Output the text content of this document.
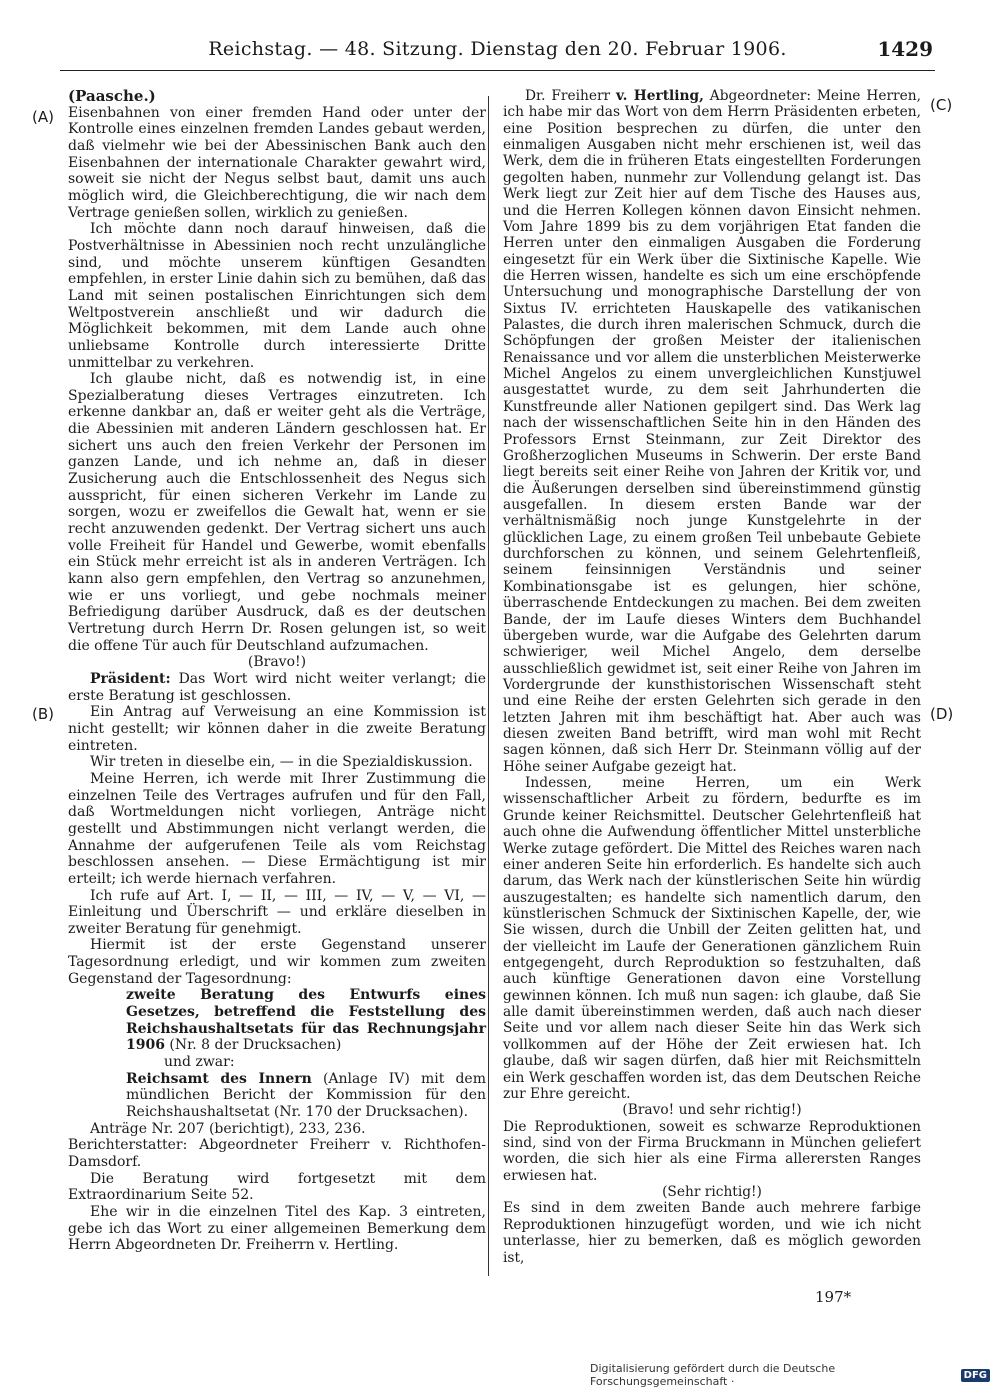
Reichstag. — 48. Sitzung. Dienstag den 20. Februar 1906.	1429
(A)
(B)
(C)
(D)

(Paasche.)

Eisenbahnen von einer fremden Hand oder unter der Kontrolle eines einzelnen fremden Landes gebaut werden, daß vielmehr wie bei der Abessinischen Bank auch den Eisenbahnen der internationale Charakter gewahrt wird, soweit sie nicht der Negus selbst baut, damit uns auch möglich wird, die Gleichberechtigung, die wir nach dem Vertrage genießen sollen, wirklich zu genießen.

Ich möchte dann noch darauf hinweisen, daß die Postverhältnisse in Abessinien noch recht unzulängliche sind, und möchte unserem künftigen Gesandten empfehlen, in erster Linie dahin sich zu bemühen, daß das Land mit seinen postalischen Einrichtungen sich dem Weltpostverein anschließt und wir dadurch die Möglichkeit bekommen, mit dem Lande auch ohne unliebsame Kontrolle durch interessierte Dritte unmittelbar zu verkehren.

Ich glaube nicht, daß es notwendig ist, in eine Spezialberatung dieses Vertrages einzutreten. Ich erkenne dankbar an, daß er weiter geht als die Verträge, die Abessinien mit anderen Ländern geschlossen hat. Er sichert uns auch den freien Verkehr der Personen im ganzen Lande, und ich nehme an, daß in dieser Zusicherung auch die Entschlossenheit des Negus sich ausspricht, für einen sicheren Verkehr im Lande zu sorgen, wozu er zweifellos die Gewalt hat, wenn er sie recht anzuwenden gedenkt. Der Vertrag sichert uns auch volle Freiheit für Handel und Gewerbe, womit ebenfalls ein Stück mehr erreicht ist als in anderen Verträgen. Ich kann also gern empfehlen, den Vertrag so anzunehmen, wie er uns vorliegt, und gebe nochmals meiner Befriedigung darüber Ausdruck, daß es der deutschen Vertretung durch Herrn Dr. Rosen gelungen ist, so weit die offene Tür auch für Deutschland aufzumachen.

(Bravo!)

Präsident: Das Wort wird nicht weiter verlangt; die erste Beratung ist geschlossen.

Ein Antrag auf Verweisung an eine Kommission ist nicht gestellt; wir können daher in die zweite Beratung eintreten.

Wir treten in dieselbe ein, — in die Spezialdiskussion.

Meine Herren, ich werde mit Ihrer Zustimmung die einzelnen Teile des Vertrages aufrufen und für den Fall, daß Wortmeldungen nicht vorliegen, Anträge nicht gestellt und Abstimmungen nicht verlangt werden, die Annahme der aufgerufenen Teile als vom Reichstag beschlossen ansehen. — Diese Ermächtigung ist mir erteilt; ich werde hiernach verfahren.

Ich rufe auf Art. I, — II, — III, — IV, — V, — VI, — Einleitung und Überschrift — und erkläre dieselben in zweiter Beratung für genehmigt.

Hiermit ist der erste Gegenstand unserer Tagesordnung erledigt, und wir kommen zum zweiten Gegenstand der Tagesordnung:

zweite Beratung des Entwurfs eines Gesetzes, betreffend die Feststellung des Reichshaushaltsetats für das Rechnungsjahr 1906 (Nr. 8 der Drucksachen)

und zwar:

Reichsamt des Innern (Anlage IV) mit dem mündlichen Bericht der Kommission für den Reichshaushaltsetat (Nr. 170 der Drucksachen).

Anträge Nr. 207 (berichtigt), 233, 236.

Berichterstatter: Abgeordneter Freiherr v. Richthofen-Damsdorf.

Die Beratung wird fortgesetzt mit dem Extraordinarium Seite 52.

Ehe wir in die einzelnen Titel des Kap. 3 eintreten, gebe ich das Wort zu einer allgemeinen Bemerkung dem Herrn Abgeordneten Dr. Freiherrn v. Hertling.

Dr. Freiherr v. Hertling, Abgeordneter: Meine Herren, ich habe mir das Wort von dem Herrn Präsidenten erbeten, eine Position besprechen zu dürfen, die unter den einmaligen Ausgaben nicht mehr erschienen ist, weil das Werk, dem die in früheren Etats eingestellten Forderungen gegolten haben, nunmehr zur Vollendung gelangt ist. Das Werk liegt zur Zeit hier auf dem Tische des Hauses aus, und die Herren Kollegen können davon Einsicht nehmen. Vom Jahre 1899 bis zu dem vorjährigen Etat fanden die Herren unter den einmaligen Ausgaben die Forderung eingesetzt für ein Werk über die Sixtinische Kapelle. Wie die Herren wissen, handelte es sich um eine erschöpfende Untersuchung und monographische Darstellung der von Sixtus IV. errichteten Hauskapelle des vatikanischen Palastes, die durch ihren malerischen Schmuck, durch die Schöpfungen der großen Meister der italienischen Renaissance und vor allem die unsterblichen Meisterwerke Michel Angelos zu einem unvergleichlichen Kunstjuwel ausgestattet wurde, zu dem seit Jahrhunderten die Kunstfreunde aller Nationen gepilgert sind. Das Werk lag nach der wissenschaftlichen Seite hin in den Händen des Professors Ernst Steinmann, zur Zeit Direktor des Großherzoglichen Museums in Schwerin. Der erste Band liegt bereits seit einer Reihe von Jahren der Kritik vor, und die Äußerungen derselben sind übereinstimmend günstig ausgefallen. In diesem ersten Bande war der verhältnismäßig noch junge Kunstgelehrte in der glücklichen Lage, zu einem großen Teil unbebaute Gebiete durchforschen zu können, und seinem Gelehrtenfleiß, seinem feinsinnigen Verständnis und seiner Kombinationsgabe ist es gelungen, hier schöne, überraschende Entdeckungen zu machen. Bei dem zweiten Bande, der im Laufe dieses Winters dem Buchhandel übergeben wurde, war die Aufgabe des Gelehrten darum schwieriger, weil Michel Angelo, dem derselbe ausschließlich gewidmet ist, seit einer Reihe von Jahren im Vordergrunde der kunsthistorischen Wissenschaft steht und eine Reihe der ersten Gelehrten sich gerade in den letzten Jahren mit ihm beschäftigt hat. Aber auch was diesen zweiten Band betrifft, wird man wohl mit Recht sagen können, daß sich Herr Dr. Steinmann völlig auf der Höhe seiner Aufgabe gezeigt hat.

Indessen, meine Herren, um ein Werk wissenschaftlicher Arbeit zu fördern, bedurfte es im Grunde keiner Reichsmittel. Deutscher Gelehrtenfleiß hat auch ohne die Aufwendung öffentlicher Mittel unsterbliche Werke zutage gefördert. Die Mittel des Reiches waren nach einer anderen Seite hin erforderlich. Es handelte sich auch darum, das Werk nach der künstlerischen Seite hin würdig auszugestalten; es handelte sich namentlich darum, den künstlerischen Schmuck der Sixtinischen Kapelle, der, wie Sie wissen, durch die Unbill der Zeiten gelitten hat, und der vielleicht im Laufe der Generationen gänzlichem Ruin entgegengeht, durch Reproduktion so festzuhalten, daß auch künftige Generationen davon eine Vorstellung gewinnen können. Ich muß nun sagen: ich glaube, daß Sie alle damit übereinstimmen werden, daß auch nach dieser Seite und vor allem nach dieser Seite hin das Werk sich vollkommen auf der Höhe der Zeit erwiesen hat. Ich glaube, daß wir sagen dürfen, daß hier mit Reichsmitteln ein Werk geschaffen worden ist, das dem Deutschen Reiche zur Ehre gereicht.

(Bravo! und sehr richtig!)

Die Reproduktionen, soweit es schwarze Reproduktionen sind, sind von der Firma Bruckmann in München geliefert worden, die sich hier als eine Firma allerersten Ranges erwiesen hat.

(Sehr richtig!)

Es sind in dem zweiten Bande auch mehrere farbige Reproduktionen hinzugefügt worden, und wie ich nicht unterlasse, hier zu bemerken, daß es möglich geworden ist,

197*
Digitalisierung gefördert durch die Deutsche Forschungsgemeinschaft ·	DFG
